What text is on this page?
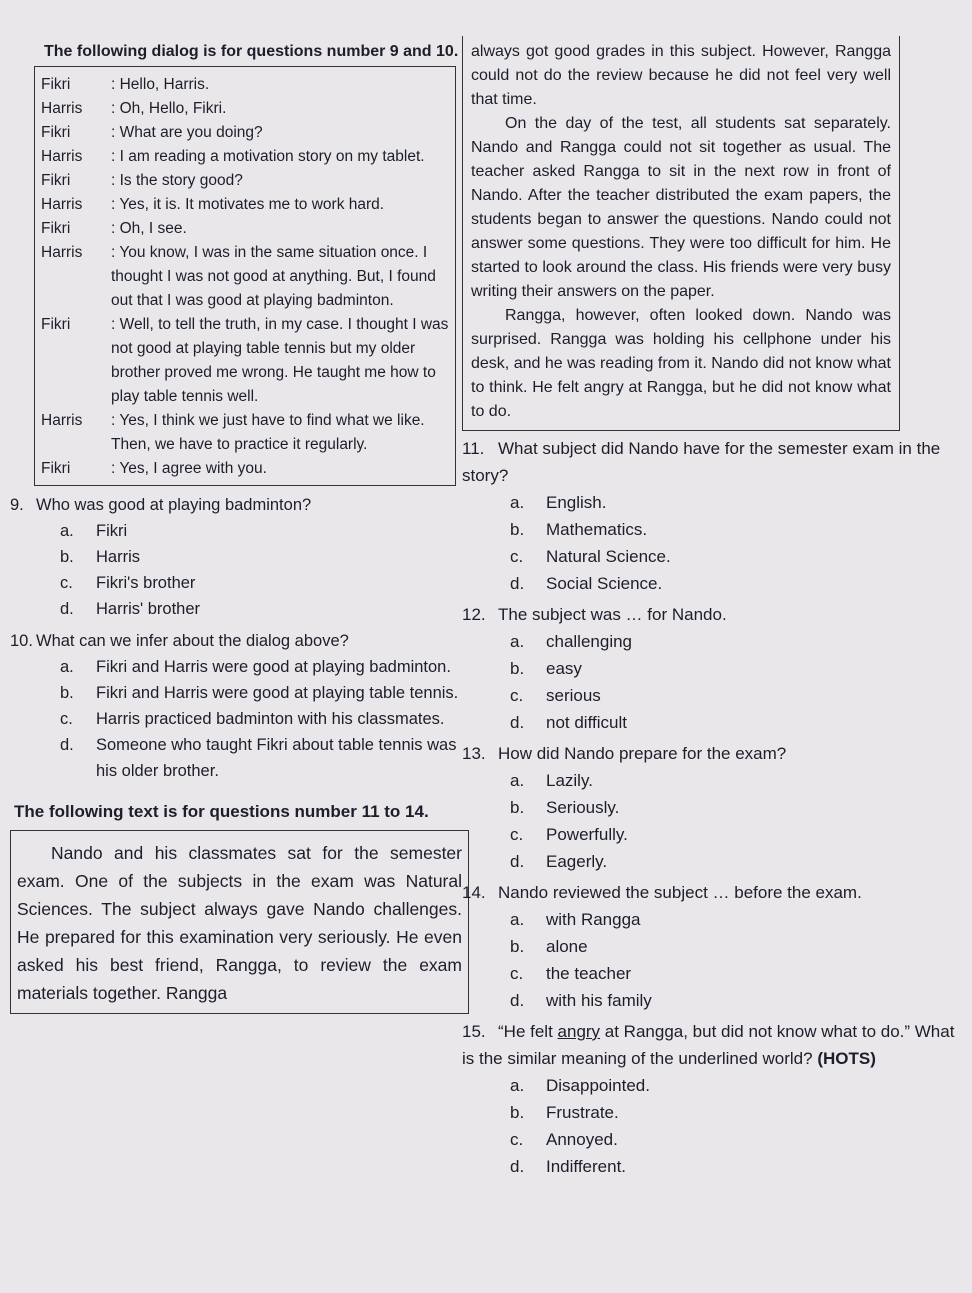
The following dialog is for questions number 9 and 10.
Fikri	: Hello, Harris.
Harris	: Oh, Hello, Fikri.
Fikri	: What are you doing?
Harris	: I am reading a motivation story on my tablet.
Fikri	: Is the story good?
Harris	: Yes, it is. It motivates me to work hard.
Fikri	: Oh, I see.
Harris	: You know, I was in the same situation once. I thought I was not good at anything. But, I found out that I was good at playing badminton.
Fikri	: Well, to tell the truth, in my case. I thought I was not good at playing table tennis but my older brother proved me wrong. He taught me how to play table tennis well.
Harris	: Yes, I think we just have to find what we like. Then, we have to practice it regularly.
Fikri	: Yes, I agree with you.
9. Who was good at playing badminton?
a.	Fikri
b.	Harris
c.	Fikri's brother
d.	Harris' brother
10. What can we infer about the dialog above?
a.	Fikri and Harris were good at playing badminton.
b.	Fikri and Harris were good at playing table tennis.
c.	Harris practiced badminton with his classmates.
d.	Someone who taught Fikri about table tennis was his older brother.
The following text is for questions number 11 to 14.

Nando and his classmates sat for the semester exam. One of the subjects in the exam was Natural Sciences. The subject always gave Nando challenges. He prepared for this examination very seriously. He even asked his best friend, Rangga, to review the exam materials together. Rangga

always got good grades in this subject. However, Rangga could not do the review because he did not feel very well that time.

On the day of the test, all students sat separately. Nando and Rangga could not sit together as usual. The teacher asked Rangga to sit in the next row in front of Nando. After the teacher distributed the exam papers, the students began to answer the questions. Nando could not answer some questions. They were too difficult for him. He started to look around the class. His friends were very busy writing their answers on the paper.

Rangga, however, often looked down. Nando was surprised. Rangga was holding his cellphone under his desk, and he was reading from it. Nando did not know what to think. He felt angry at Rangga, but he did not know what to do.

11. What subject did Nando have for the semester exam in the story?
a.	English.
b.	Mathematics.
c.	Natural Science.
d.	Social Science.
12. The subject was … for Nando.
a.	challenging
b.	easy
c.	serious
d.	not difficult
13. How did Nando prepare for the exam?
a.	Lazily.
b.	Seriously.
c.	Powerfully.
d.	Eagerly.
14. Nando reviewed the subject … before the exam.
a.	with Rangga
b.	alone
c.	the teacher
d.	with his family
15. “He felt angry at Rangga, but did not know what to do.” What is the similar meaning of the underlined world? (HOTS)
a.	Disappointed.
b.	Frustrate.
c.	Annoyed.
d.	Indifferent.
